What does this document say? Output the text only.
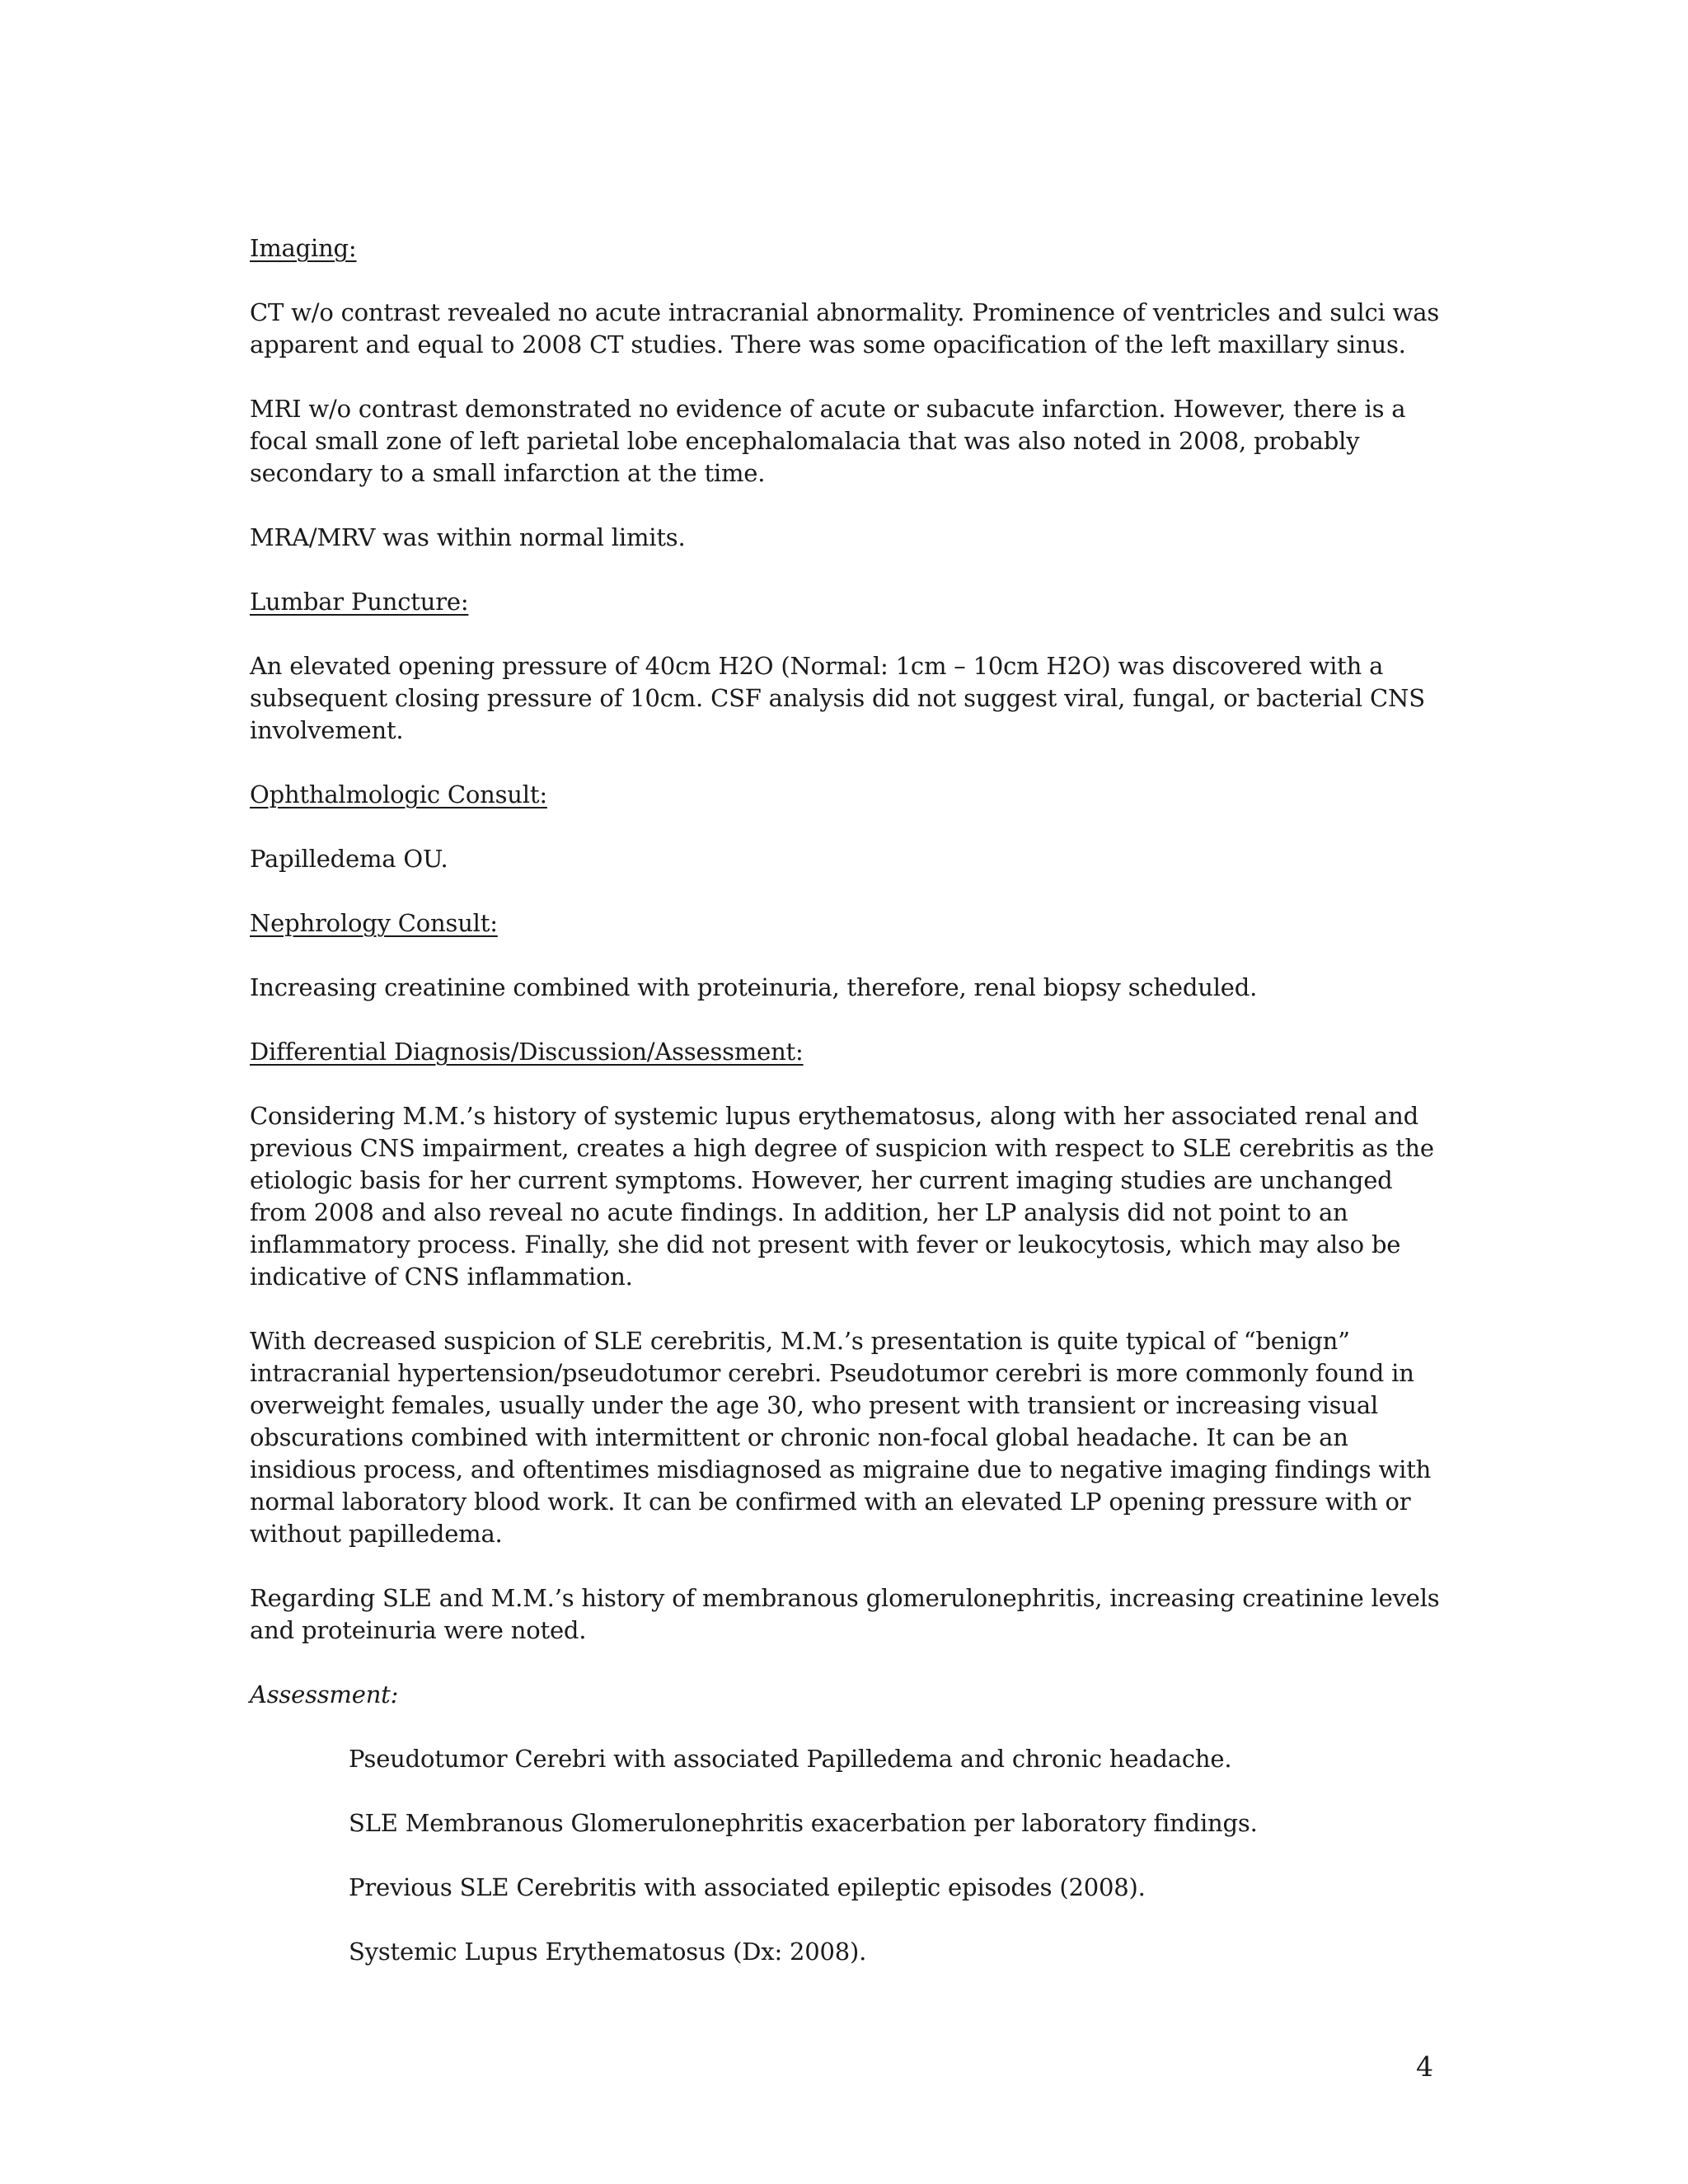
Imaging:
CT w/o contrast revealed no acute intracranial abnormality. Prominence of ventricles and sulci was apparent and equal to 2008 CT studies. There was some opacification of the left maxillary sinus.
MRI w/o contrast demonstrated no evidence of acute or subacute infarction. However, there is a focal small zone of left parietal lobe encephalomalacia that was also noted in 2008, probably secondary to a small infarction at the time.
MRA/MRV was within normal limits.
Lumbar Puncture:
An elevated opening pressure of 40cm H2O (Normal: 1cm – 10cm H2O) was discovered with a subsequent closing pressure of 10cm. CSF analysis did not suggest viral, fungal, or bacterial CNS involvement.
Ophthalmologic Consult:
Papilledema OU.
Nephrology Consult:
Increasing creatinine combined with proteinuria, therefore, renal biopsy scheduled.
Differential Diagnosis/Discussion/Assessment:
Considering M.M.’s history of systemic lupus erythematosus, along with her associated renal and previous CNS impairment, creates a high degree of suspicion with respect to SLE cerebritis as the etiologic basis for her current symptoms. However, her current imaging studies are unchanged from 2008 and also reveal no acute findings. In addition, her LP analysis did not point to an inflammatory process. Finally, she did not present with fever or leukocytosis, which may also be indicative of CNS inflammation.
With decreased suspicion of SLE cerebritis, M.M.’s presentation is quite typical of “benign” intracranial hypertension/pseudotumor cerebri. Pseudotumor cerebri is more commonly found in overweight females, usually under the age 30, who present with transient or increasing visual obscurations combined with intermittent or chronic non-focal global headache. It can be an insidious process, and oftentimes misdiagnosed as migraine due to negative imaging findings with normal laboratory blood work. It can be confirmed with an elevated LP opening pressure with or without papilledema.
Regarding SLE and M.M.’s history of membranous glomerulonephritis, increasing creatinine levels and proteinuria were noted.
Assessment:
Pseudotumor Cerebri with associated Papilledema and chronic headache.
SLE Membranous Glomerulonephritis exacerbation per laboratory findings.
Previous SLE Cerebritis with associated epileptic episodes (2008).
Systemic Lupus Erythematosus (Dx: 2008).
4
